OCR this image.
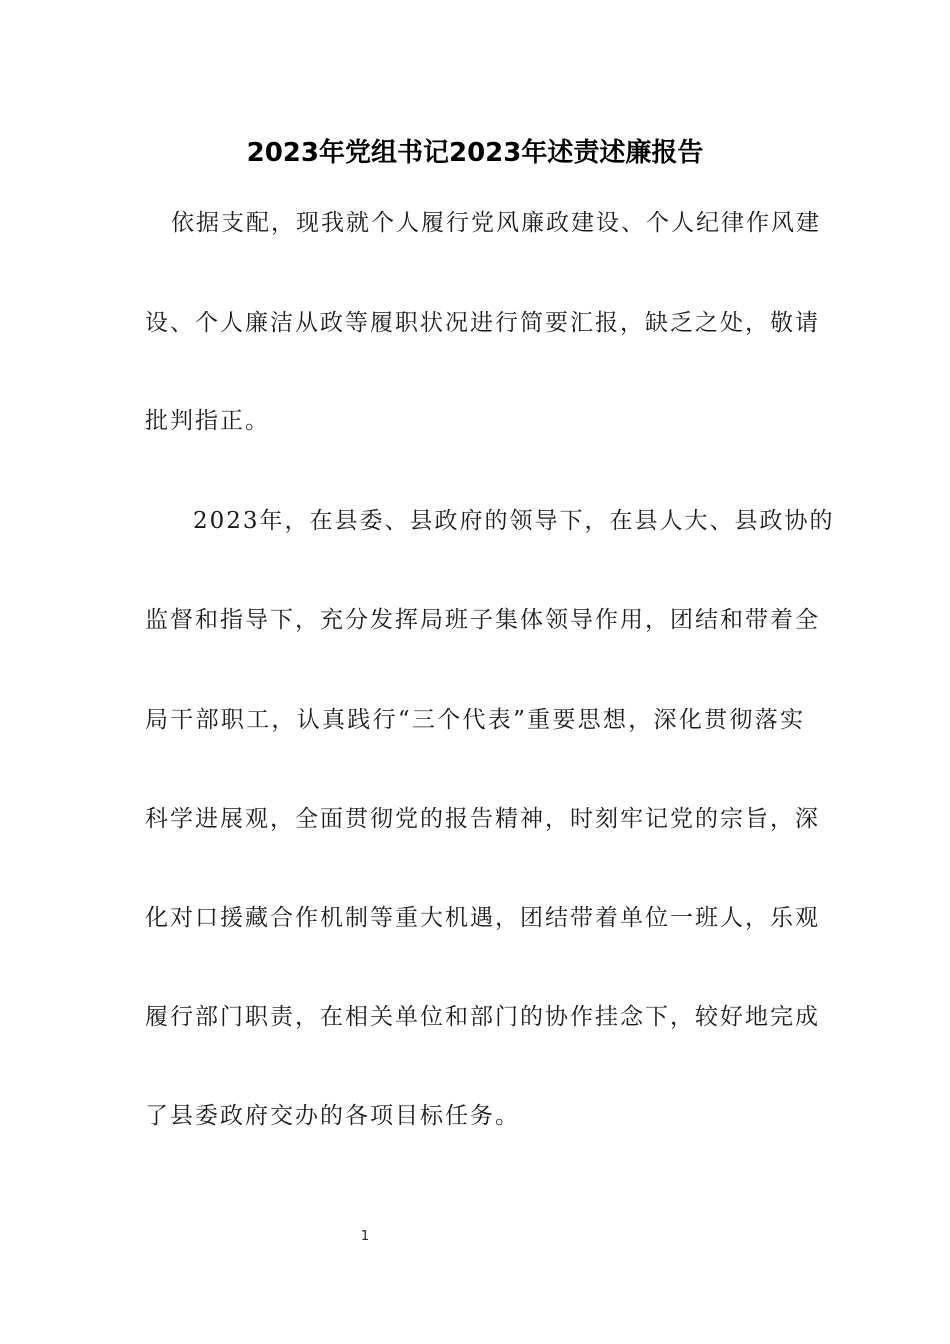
2023年党组书记2023年述责述廉报告
依据支配，现我就个人履行党风廉政建设、个人纪律作风建
设、个人廉洁从政等履职状况进行简要汇报，缺乏之处，敬请
批判指正。
2023年，在县委、县政府的领导下，在县人大、县政协的
监督和指导下，充分发挥局班子集体领导作用，团结和带着全
局干部职工，认真践行“三个代表”重要思想，深化贯彻落实
科学进展观，全面贯彻党的报告精神，时刻牢记党的宗旨，深
化对口援藏合作机制等重大机遇，团结带着单位一班人，乐观
履行部门职责，在相关单位和部门的协作挂念下，较好地完成
了县委政府交办的各项目标任务。
1
